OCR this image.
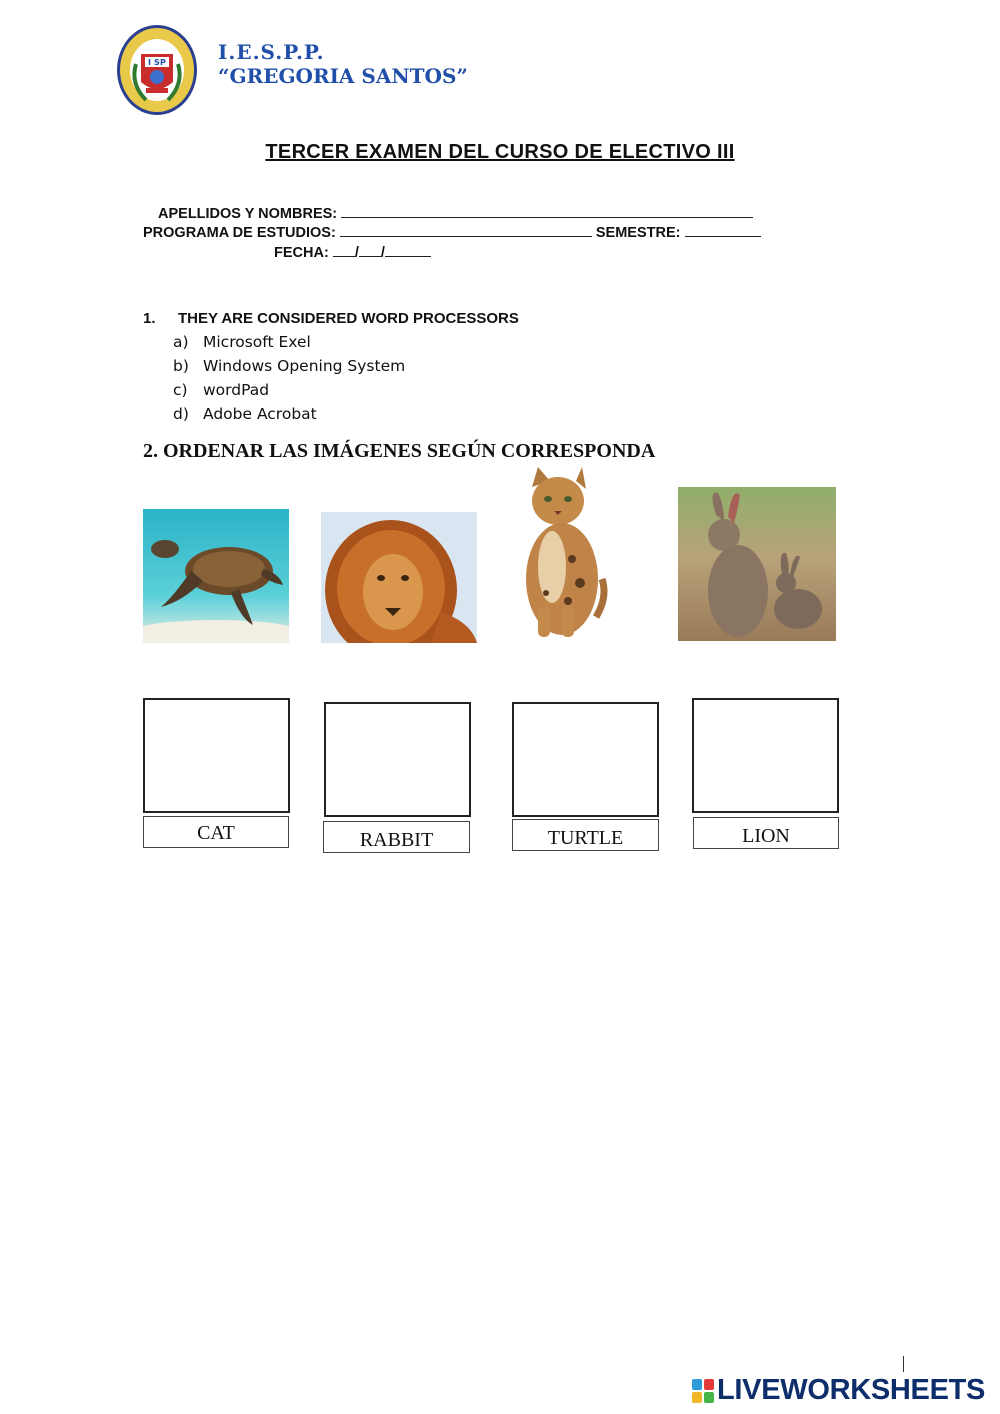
I S P	I.E.S.P.P.
“GREGORIA SANTOS”
TERCER EXAMEN DEL CURSO DE ELECTIVO III
APELLIDOS Y NOMBRES:
PROGRAMA DE ESTUDIOS:	SEMESTRE:
FECHA: / /
1. THEY ARE CONSIDERED WORD PROCESSORS
a) Microsoft Exel
b) Windows Opening System
c) wordPad
d) Adobe Acrobat
2. ORDENAR LAS IMÁGENES SEGÚN CORRESPONDA
CAT	RABBIT	TURTLE	LION
LIVEWORKSHEETS
